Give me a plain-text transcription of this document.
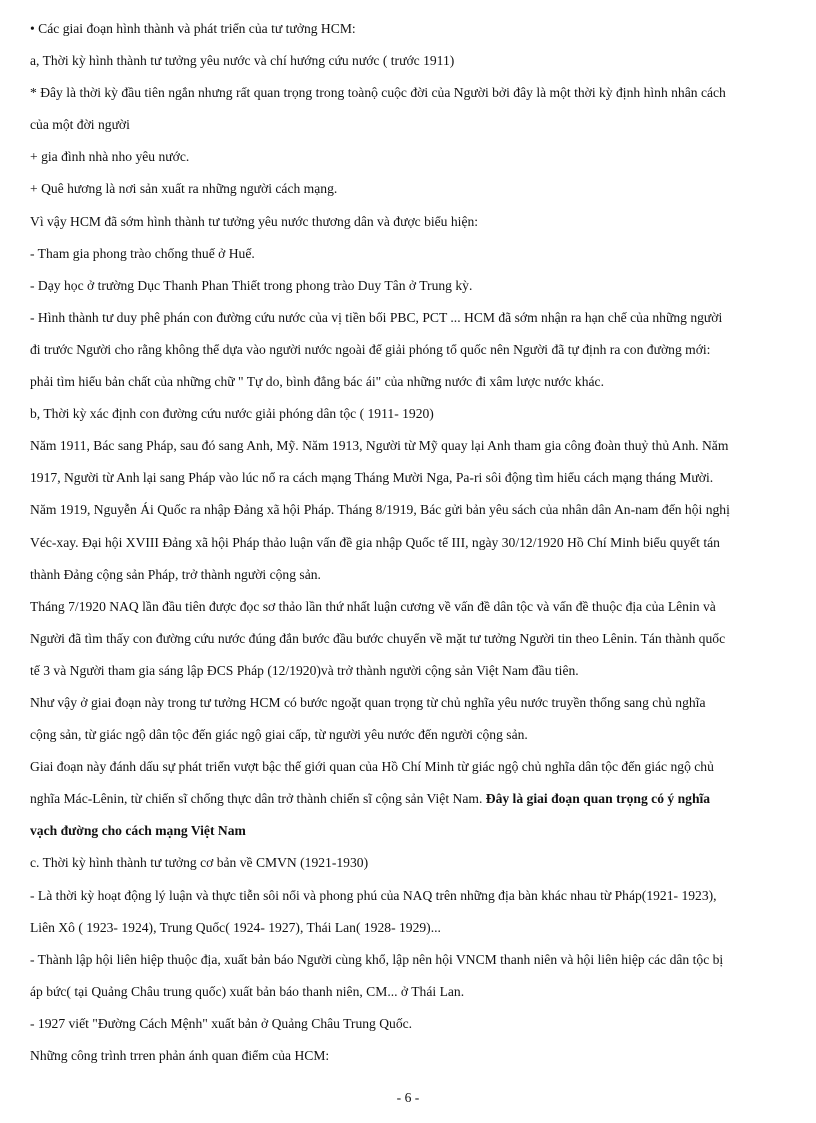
• Các giai đoạn hình thành và phát triển của tư tưởng HCM:
a, Thời kỳ hình thành tư tưởng yêu nước và chí hướng cứu nước ( trước 1911)
* Đây là thời kỳ đầu tiên ngắn nhưng rất quan trọng trong toànộ cuộc đời của Người bởi đây là một thời kỳ định hình nhân cách
của một đời người
+ gia đình nhà nho yêu nước.
+ Quê hương là nơi sản xuất ra những người cách mạng.
Vì vậy HCM đã sớm hình thành tư tưởng yêu nước thương dân và được biểu hiện:
- Tham gia phong trào chống thuế ở Huế.
- Dạy học ở trường Dục Thanh Phan Thiết trong phong trào Duy Tân ở Trung kỳ.
- Hình thành tư duy phê phán con đường cứu nước của vị tiền bối PBC, PCT ... HCM đã sớm nhận ra hạn chế của những người
đi trước Người cho rằng không thể dựa vào người nước ngoài để giải phóng tổ quốc nên Người đã tự định ra con đường mới:
phải tìm hiểu bản chất của những chữ " Tự do, bình đẳng bác ái" của những nước đi xâm lược nước khác.
b, Thời kỳ xác định con đường cứu nước giải phóng dân tộc ( 1911- 1920)
Năm 1911, Bác sang Pháp, sau đó sang Anh, Mỹ. Năm 1913, Người từ Mỹ quay lại Anh tham gia công đoàn thuỷ thủ Anh. Năm
1917, Người từ Anh lại sang Pháp vào lúc nổ ra cách mạng Tháng Mười Nga, Pa-ri sôi động tìm hiểu cách mạng tháng Mười.
Năm 1919, Nguyễn Ái Quốc ra nhập Đảng xã hội Pháp. Tháng 8/1919, Bác gửi bản yêu sách của nhân dân An-nam đến hội nghị
Véc-xay. Đại hội XVIII Đảng xã hội Pháp thảo luận vấn đề gia nhập Quốc tế III, ngày 30/12/1920 Hồ Chí Minh biểu quyết tán
thành Đảng cộng sản Pháp, trở thành người cộng sản.
Tháng 7/1920 NAQ lần đầu tiên được đọc sơ thảo lần thứ nhất luận cương về vấn đề dân tộc và vấn đề thuộc địa của Lênin và
Người đã tìm thấy con đường cứu nước đúng đắn bước đầu bước chuyển về mặt tư tưởng Người tin theo Lênin. Tán thành quốc
tế 3 và Người tham gia sáng lập ĐCS Pháp (12/1920)và trở thành người cộng sản Việt Nam đầu tiên.
Như vậy ở giai đoạn này trong tư tưởng HCM có bước ngoặt quan trọng từ chủ nghĩa yêu nước truyền thống sang chủ nghĩa
cộng sản, từ giác ngộ dân tộc đến giác ngộ giai cấp, từ người yêu nước đến người cộng sản.
Giai đoạn này đánh dấu sự phát triển vượt bậc thế giới quan của Hồ Chí Minh từ giác ngộ chủ nghĩa dân tộc đến giác ngộ chủ
nghĩa Mác-Lênin, từ chiến sĩ chống thực dân trở thành chiến sĩ cộng sản Việt Nam. Đây là giai đoạn quan trọng có ý nghĩa
vạch đường cho cách mạng Việt Nam
c. Thời kỳ hình thành tư tưởng cơ bản về CMVN (1921-1930)
- Là thời kỳ hoạt động lý luận và thực tiễn sôi nổi và phong phú của NAQ trên những địa bàn khác nhau từ Pháp(1921- 1923),
Liên Xô ( 1923- 1924), Trung Quốc( 1924- 1927), Thái Lan( 1928- 1929)...
- Thành lập hội liên hiệp thuộc địa, xuất bản báo Người cùng khổ, lập nên hội VNCM thanh niên và hội liên hiệp các dân tộc bị
áp bức( tại Quảng Châu trung quốc) xuất bản báo thanh niên, CM... ở Thái Lan.
- 1927 viết "Đường Cách Mệnh" xuất bản ở Quảng Châu Trung Quốc.
Những công trình trren phản ánh quan điểm của HCM:
- 6 -
